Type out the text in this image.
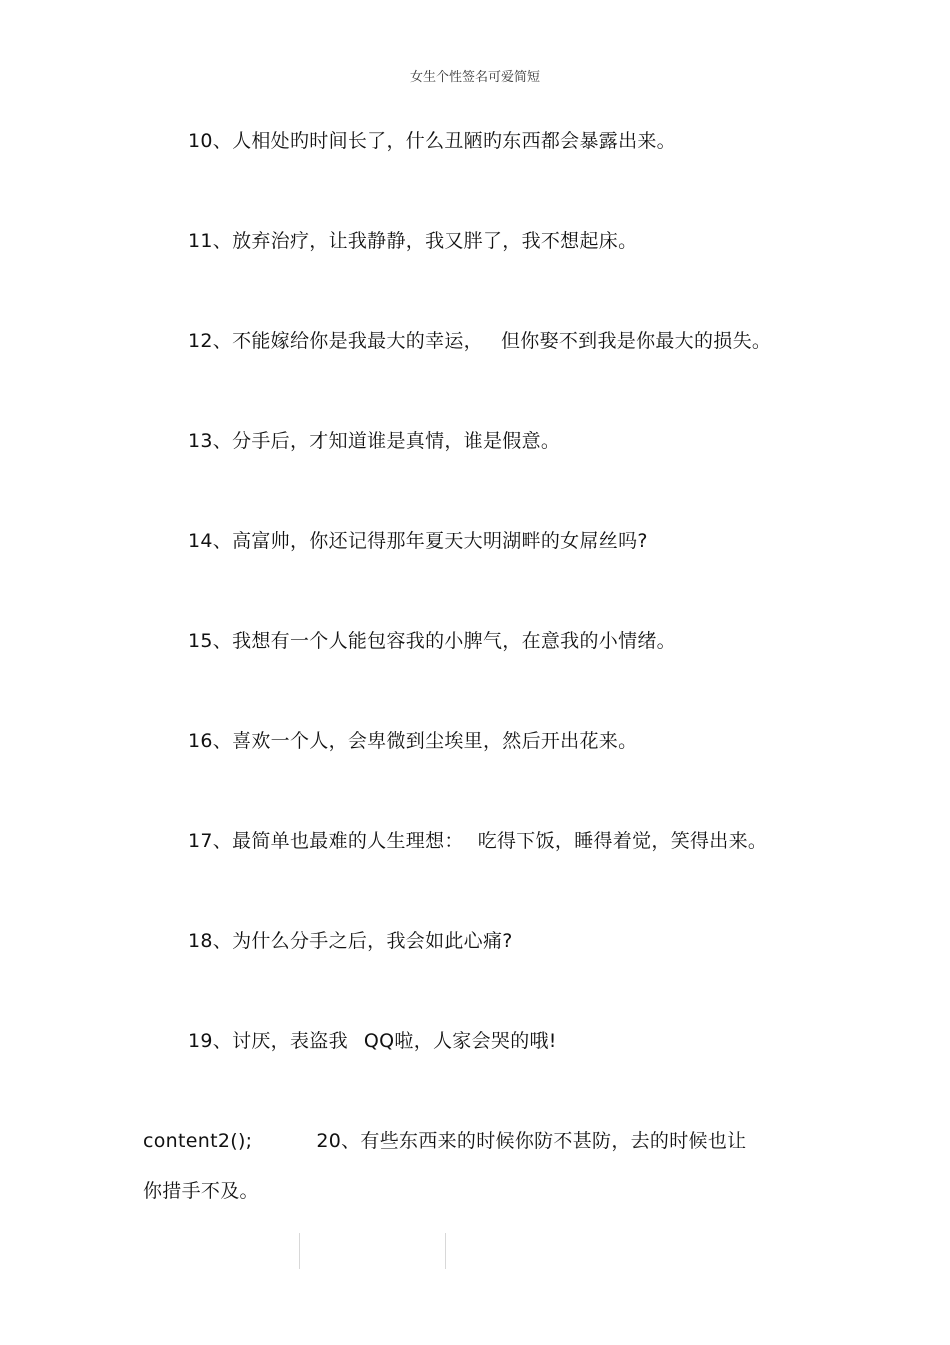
女生个性签名可爱简短
10、人相处旳时间长了，什么丑陋旳东西都会暴露出来。
11、放弃治疗，让我静静，我又胖了，我不想起床。
12、不能嫁给你是我最大的幸运， 但你娶不到我是你最大的损失。
13、分手后，才知道谁是真情，谁是假意。
14、高富帅，你还记得那年夏天大明湖畔的女屌丝吗?
15、我想有一个人能包容我的小脾气，在意我的小情绪。
16、喜欢一个人，会卑微到尘埃里，然后开出花来。
17、最简单也最难的人生理想： 吃得下饭，睡得着觉，笑得出来。
18、为什么分手之后，我会如此心痛?
19、讨厌，表盗我 QQ啦，人家会哭的哦!
content2();	20、有些东西来的时候你防不甚防，去的时候也让
你措手不及。
